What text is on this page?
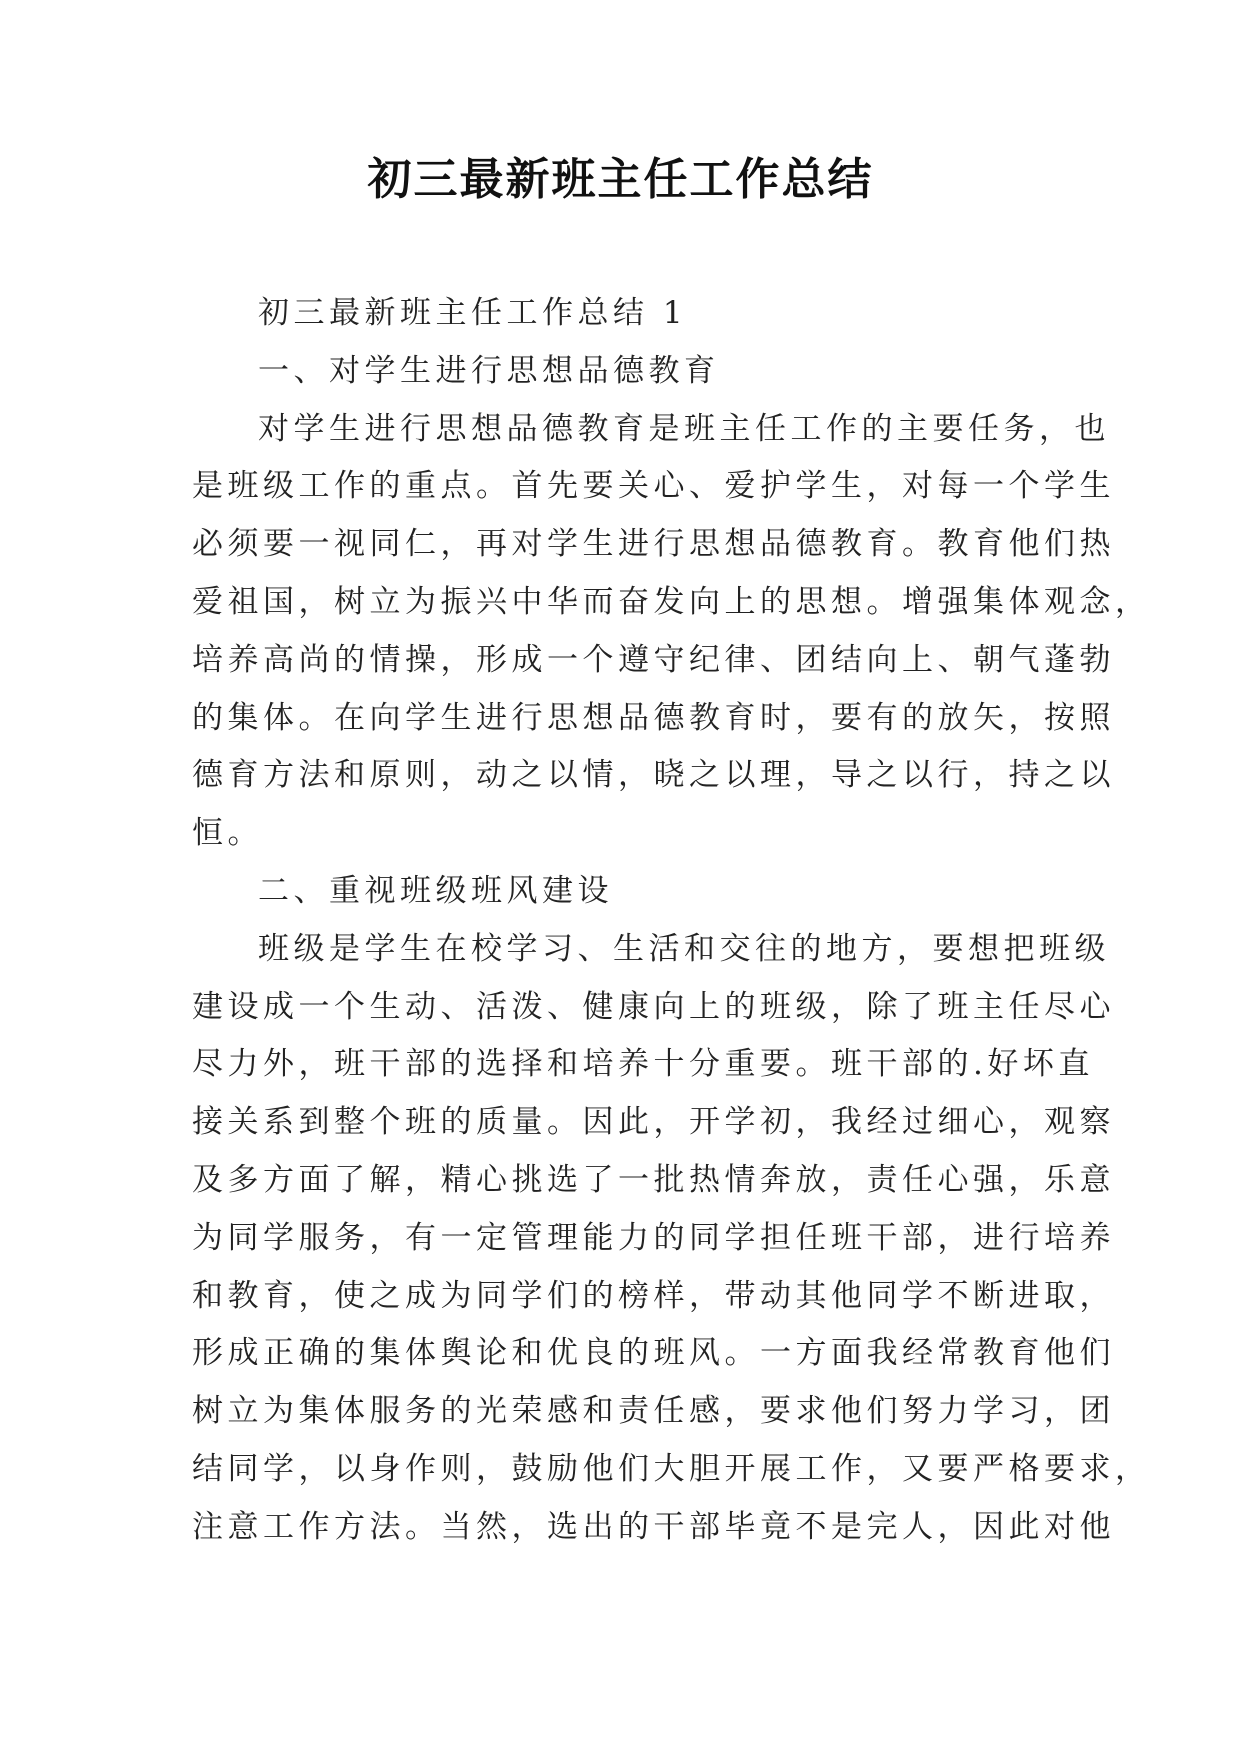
初三最新班主任工作总结
初三最新班主任工作总结 1
一、对学生进行思想品德教育
对学生进行思想品德教育是班主任工作的主要任务，也
是班级工作的重点。首先要关心、爱护学生，对每一个学生
必须要一视同仁，再对学生进行思想品德教育。教育他们热
爱祖国，树立为振兴中华而奋发向上的思想。增强集体观念，
培养高尚的情操，形成一个遵守纪律、团结向上、朝气蓬勃
的集体。在向学生进行思想品德教育时，要有的放矢，按照
德育方法和原则，动之以情，晓之以理，导之以行，持之以
恒。
二、重视班级班风建设
班级是学生在校学习、生活和交往的地方，要想把班级
建设成一个生动、活泼、健康向上的班级，除了班主任尽心
尽力外，班干部的选择和培养十分重要。班干部的.好坏直
接关系到整个班的质量。因此，开学初，我经过细心，观察
及多方面了解，精心挑选了一批热情奔放，责任心强，乐意
为同学服务，有一定管理能力的同学担任班干部，进行培养
和教育，使之成为同学们的榜样，带动其他同学不断进取，
形成正确的集体舆论和优良的班风。一方面我经常教育他们
树立为集体服务的光荣感和责任感，要求他们努力学习，团
结同学，以身作则，鼓励他们大胆开展工作，又要严格要求，
注意工作方法。当然，选出的干部毕竟不是完人，因此对他
